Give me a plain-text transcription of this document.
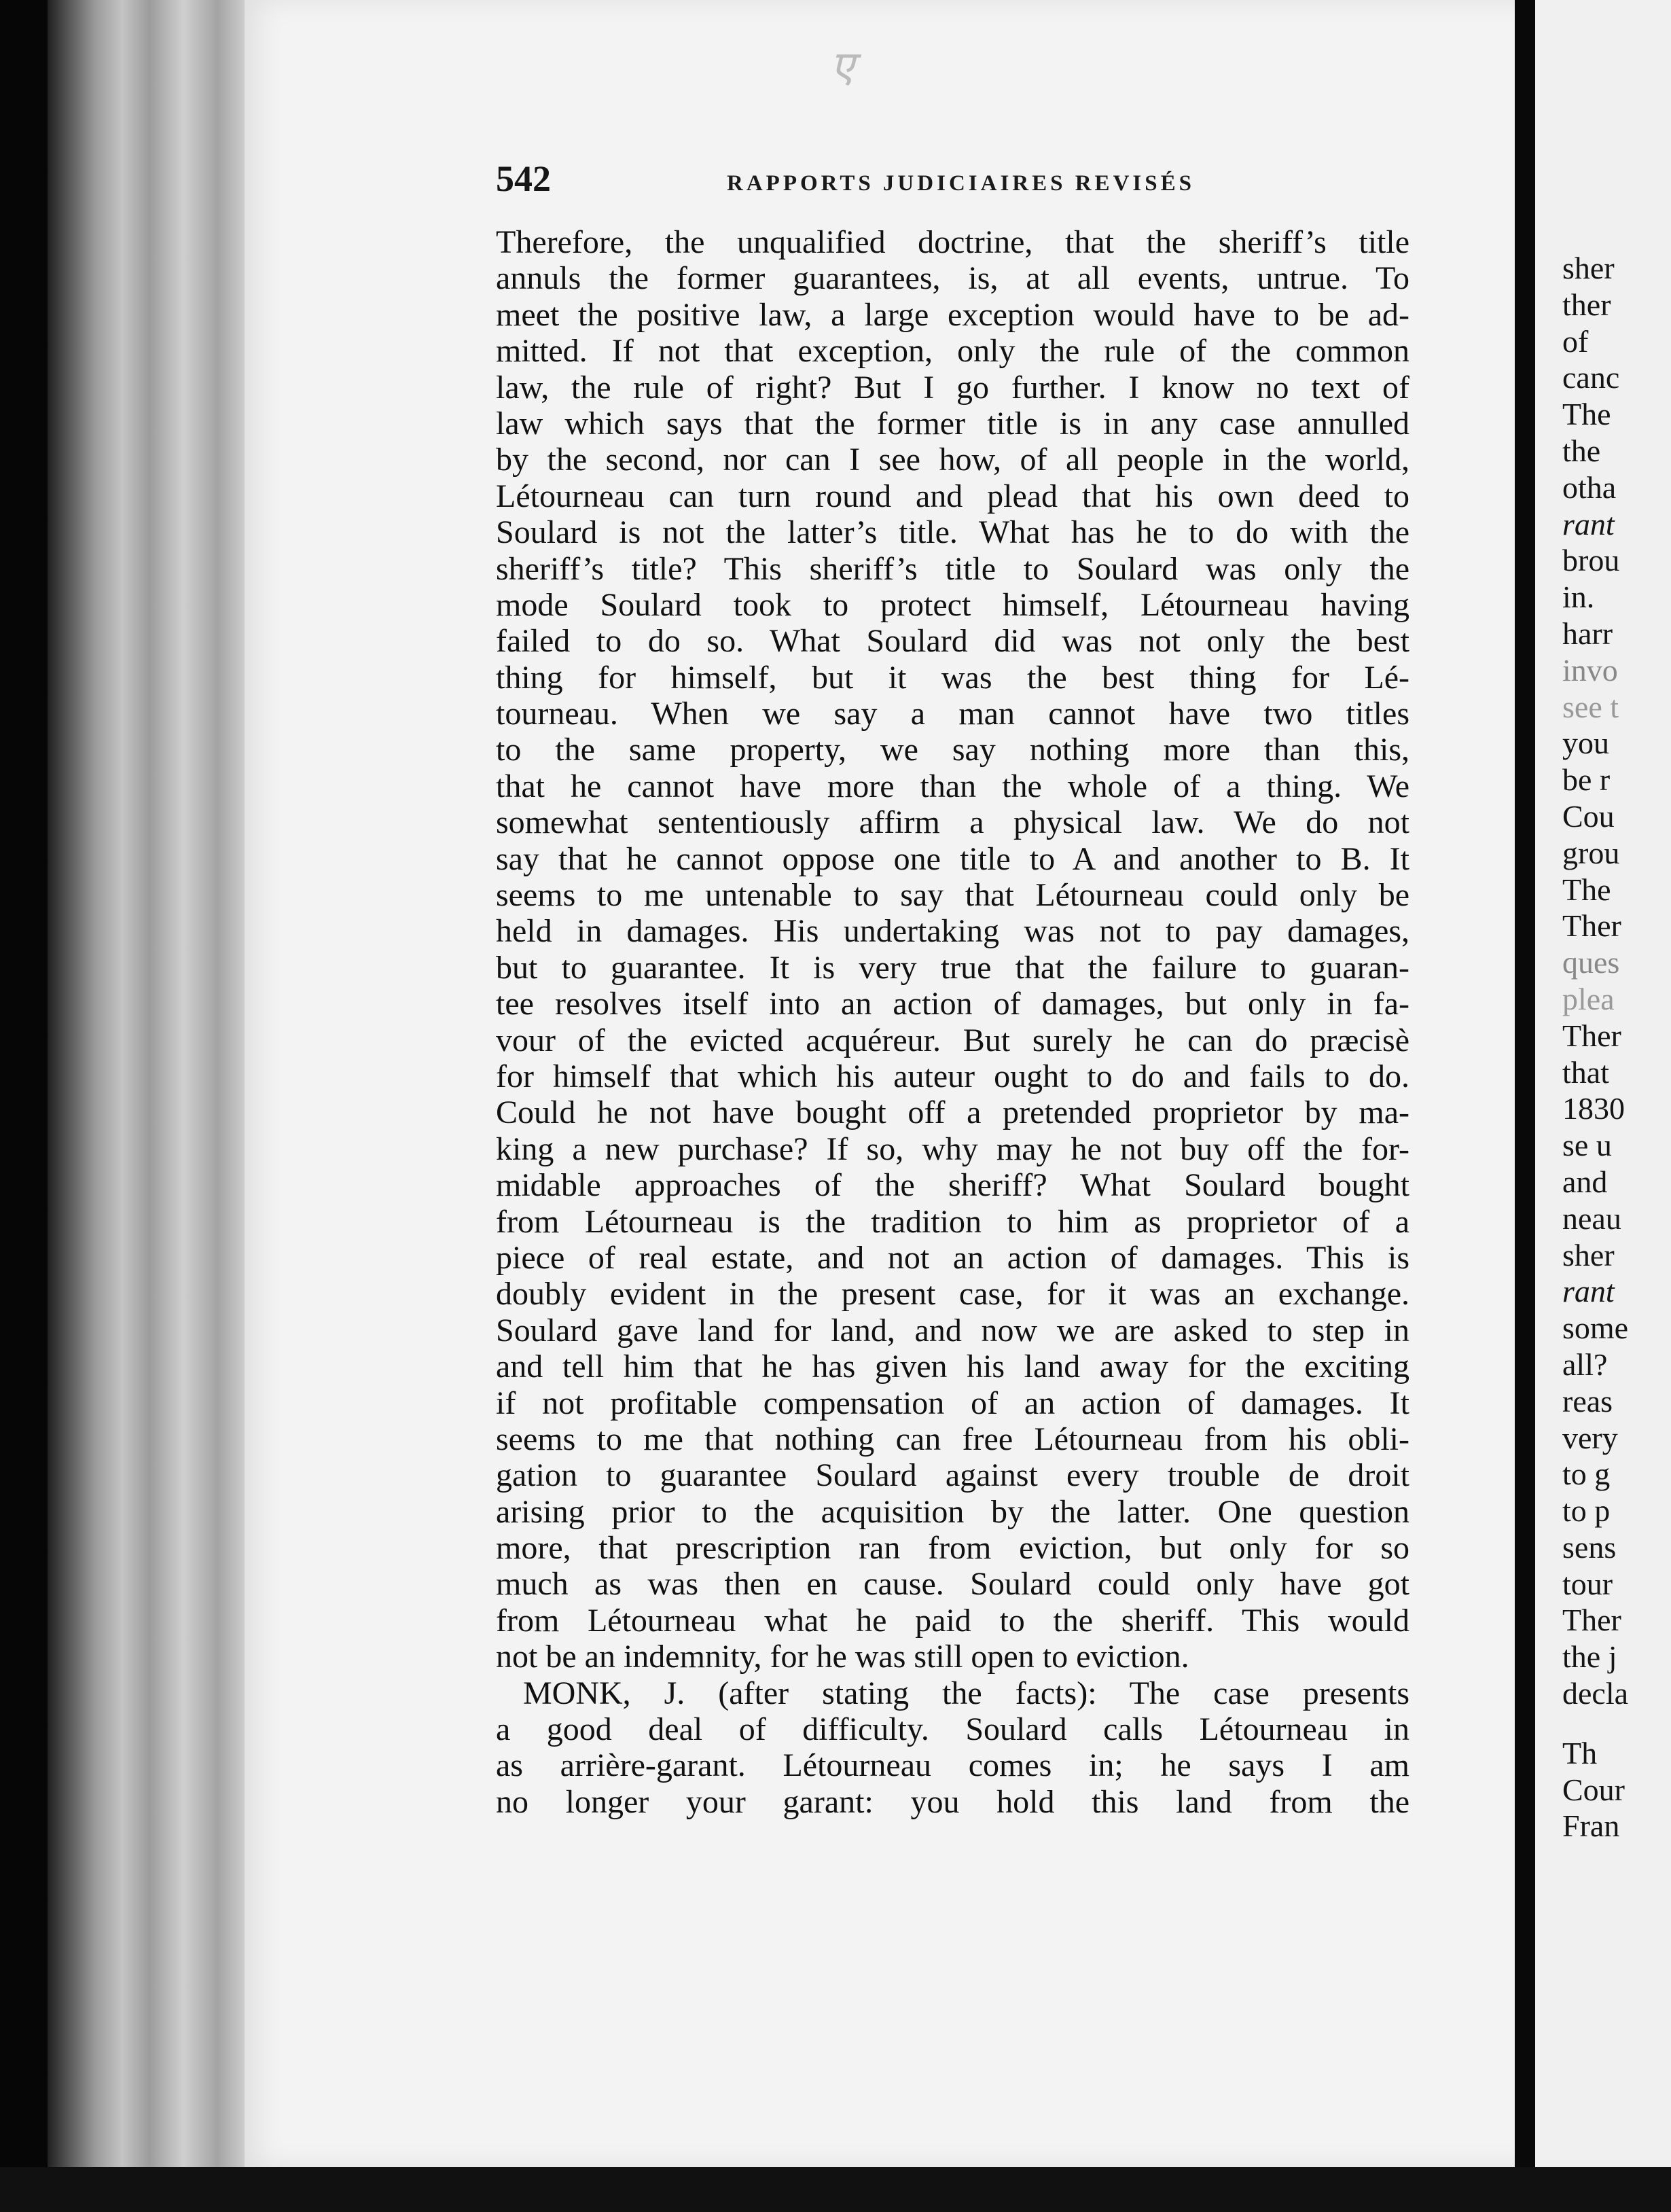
ए
542	RAPPORTS JUDICIAIRES REVISÉS
Therefore, the unqualified doctrine, that the sheriff’s title
annuls the former guarantees, is, at all events, untrue. To
meet the positive law, a large exception would have to be ad-
mitted. If not that exception, only the rule of the common
law, the rule of right? But I go further. I know no text of
law which says that the former title is in any case annulled
by the second, nor can I see how, of all people in the world,
Létourneau can turn round and plead that his own deed to
Soulard is not the latter’s title. What has he to do with the
sheriff’s title? This sheriff’s title to Soulard was only the
mode Soulard took to protect himself, Létourneau having
failed to do so. What Soulard did was not only the best
thing for himself, but it was the best thing for Lé-
tourneau. When we say a man cannot have two titles
to the same property, we say nothing more than this,
that he cannot have more than the whole of a thing. We
somewhat sententiously affirm a physical law. We do not
say that he cannot oppose one title to A and another to B. It
seems to me untenable to say that Létourneau could only be
held in damages. His undertaking was not to pay damages,
but to guarantee. It is very true that the failure to guaran-
tee resolves itself into an action of damages, but only in fa-
vour of the evicted acquéreur. But surely he can do præcisè
for himself that which his auteur ought to do and fails to do.
Could he not have bought off a pretended proprietor by ma-
king a new purchase? If so, why may he not buy off the for-
midable approaches of the sheriff? What Soulard bought
from Létourneau is the tradition to him as proprietor of a
piece of real estate, and not an action of damages. This is
doubly evident in the present case, for it was an exchange.
Soulard gave land for land, and now we are asked to step in
and tell him that he has given his land away for the exciting
if not profitable compensation of an action of damages. It
seems to me that nothing can free Létourneau from his obli-
gation to guarantee Soulard against every trouble de droit
arising prior to the acquisition by the latter. One question
more, that prescription ran from eviction, but only for so
much as was then en cause. Soulard could only have got
from Létourneau what he paid to the sheriff. This would
not be an indemnity, for he was still open to eviction.
MONK, J. (after stating the facts): The case presents
a good deal of difficulty. Soulard calls Létourneau in
as arrière-garant. Létourneau comes in; he says I am
no longer your garant: you hold this land from the
sher
ther
of
canc
The
the
otha
rant
brou
in.
harr
invo
see t
you
be r
Cou
grou
The
Ther
ques
plea
Ther
that
1830
se u
and
neau
sher
rant
some
all?
reas
very
to g
to p
sens
tour
Ther
the j
decla
Th
Cour
Fran
